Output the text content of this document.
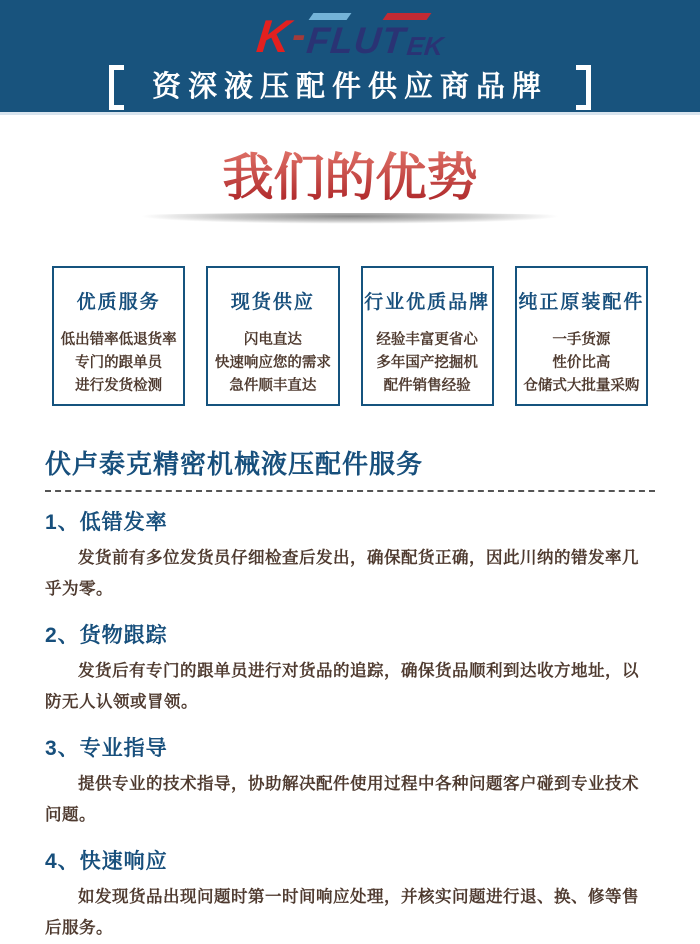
K - FLUT
EK
资深液压配件供应商品牌
我们的优势
优质服务
低出错率低退货率
专门的跟单员
进行发货检测
现货供应
闪电直达
快速响应您的需求
急件顺丰直达
行业优质品牌
经验丰富更省心
多年国产挖掘机
配件销售经验
纯正原装配件
一手货源
性价比高
仓储式大批量采购
伏卢泰克精密机械液压配件服务
1、低错发率
发货前有多位发货员仔细检查后发出，确保配货正确，因此川纳的错发率几乎为零。
2、货物跟踪
发货后有专门的跟单员进行对货品的追踪，确保货品顺利到达收方地址，以防无人认领或冒领。
3、专业指导
提供专业的技术指导，协助解决配件使用过程中各种问题客户碰到专业技术问题。
4、快速响应
如发现货品出现问题时第一时间响应处理，并核实问题进行退、换、修等售后服务。
